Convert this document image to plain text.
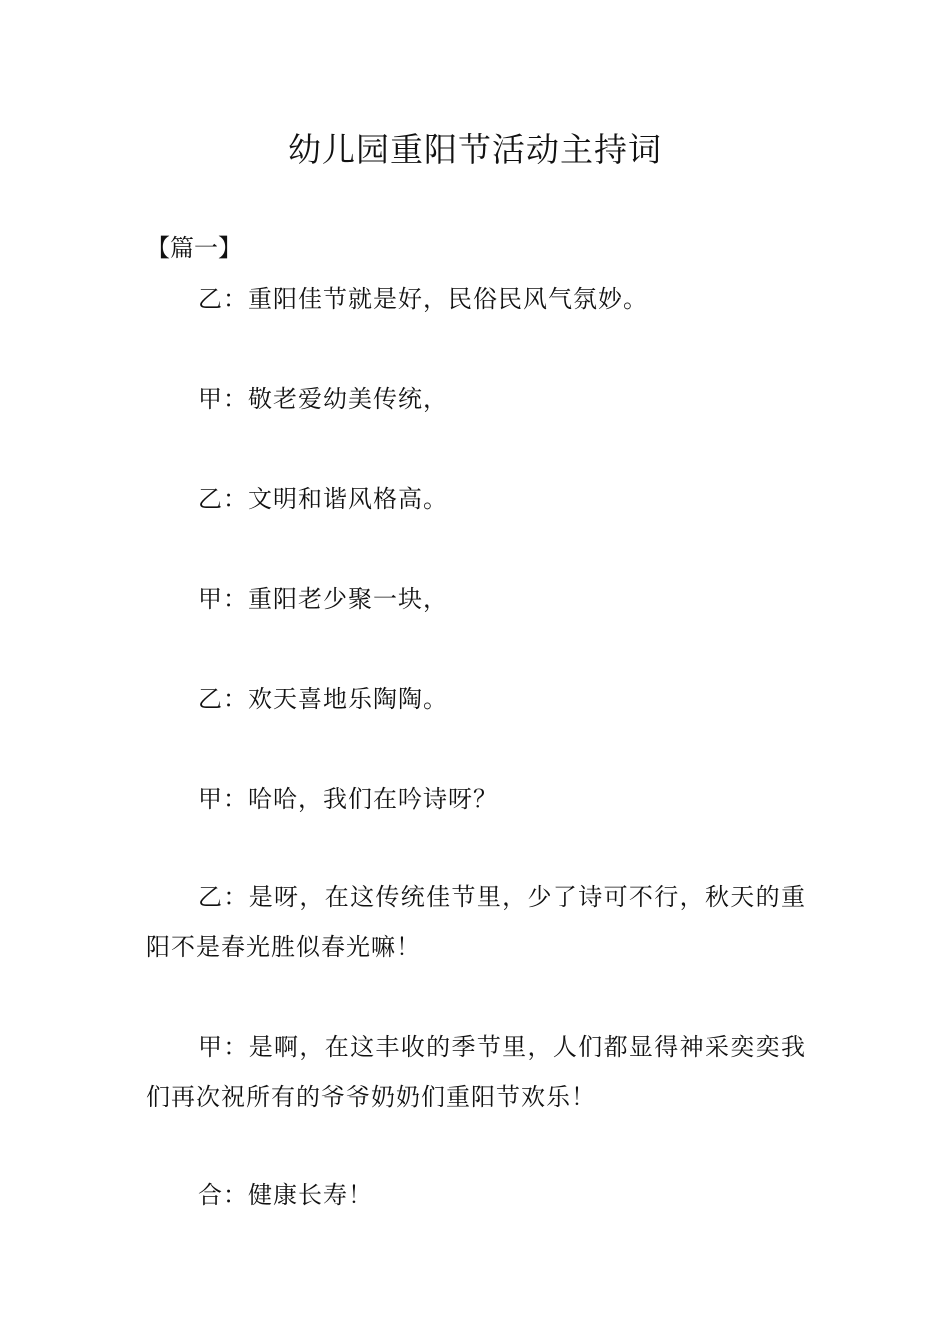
幼儿园重阳节活动主持词
【篇一】

乙：重阳佳节就是好，民俗民风气氛妙。

甲：敬老爱幼美传统，

乙：文明和谐风格高。

甲：重阳老少聚一块，

乙：欢天喜地乐陶陶。

甲：哈哈，我们在吟诗呀？

乙：是呀，在这传统佳节里，少了诗可不行，秋天的重阳不是春光胜似春光嘛！

甲：是啊，在这丰收的季节里，人们都显得神采奕奕我们再次祝所有的爷爷奶奶们重阳节欢乐！

合：健康长寿！
